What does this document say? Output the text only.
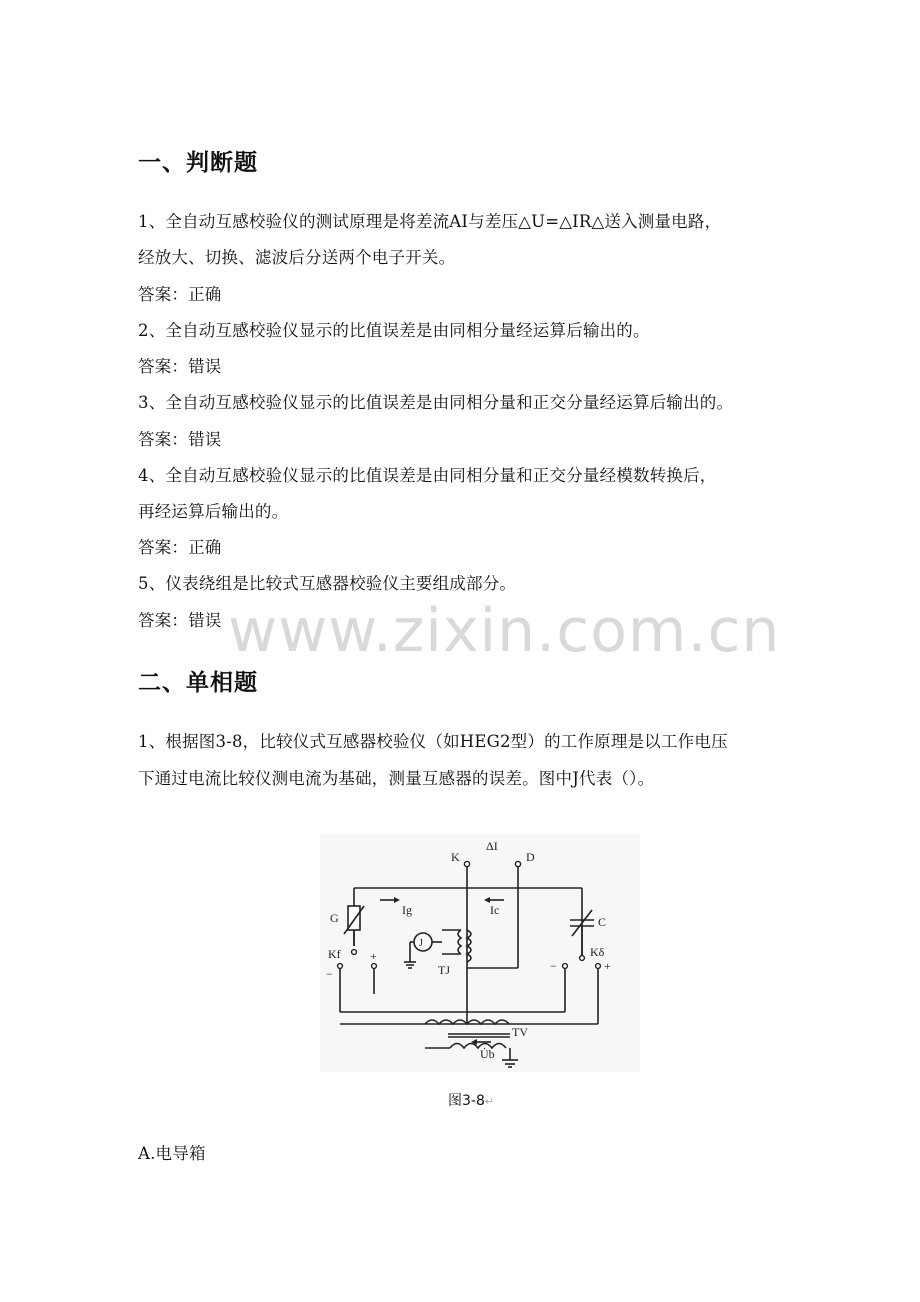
www.zixin.com.cn
一、判断题
1、全自动互感校验仪的测试原理是将差流AI与差压△U=△IR△送入测量电路，
经放大、切换、滤波后分送两个电子开关。
答案：正确
2、全自动互感校验仪显示的比值误差是由同相分量经运算后输出的。
答案：错误
3、全自动互感校验仪显示的比值误差是由同相分量和正交分量经运算后输出的。
答案：错误
4、全自动互感校验仪显示的比值误差是由同相分量和正交分量经模数转换后，
再经运算后输出的。
答案：正确
5、仪表绕组是比较式互感器校验仪主要组成部分。
答案：错误
二、单相题
1、根据图3-8，比较仪式互感器校验仪（如HEG2型）的工作原理是以工作电压
下通过电流比较仪测电流为基础，测量互感器的误差。图中J代表（）。
K
ΔI
D
G
Ig	Ic
C
Kf
−
+
J
TJ	−
Kδ
+
TV
U̇b
图3-8↵
A.电导箱
